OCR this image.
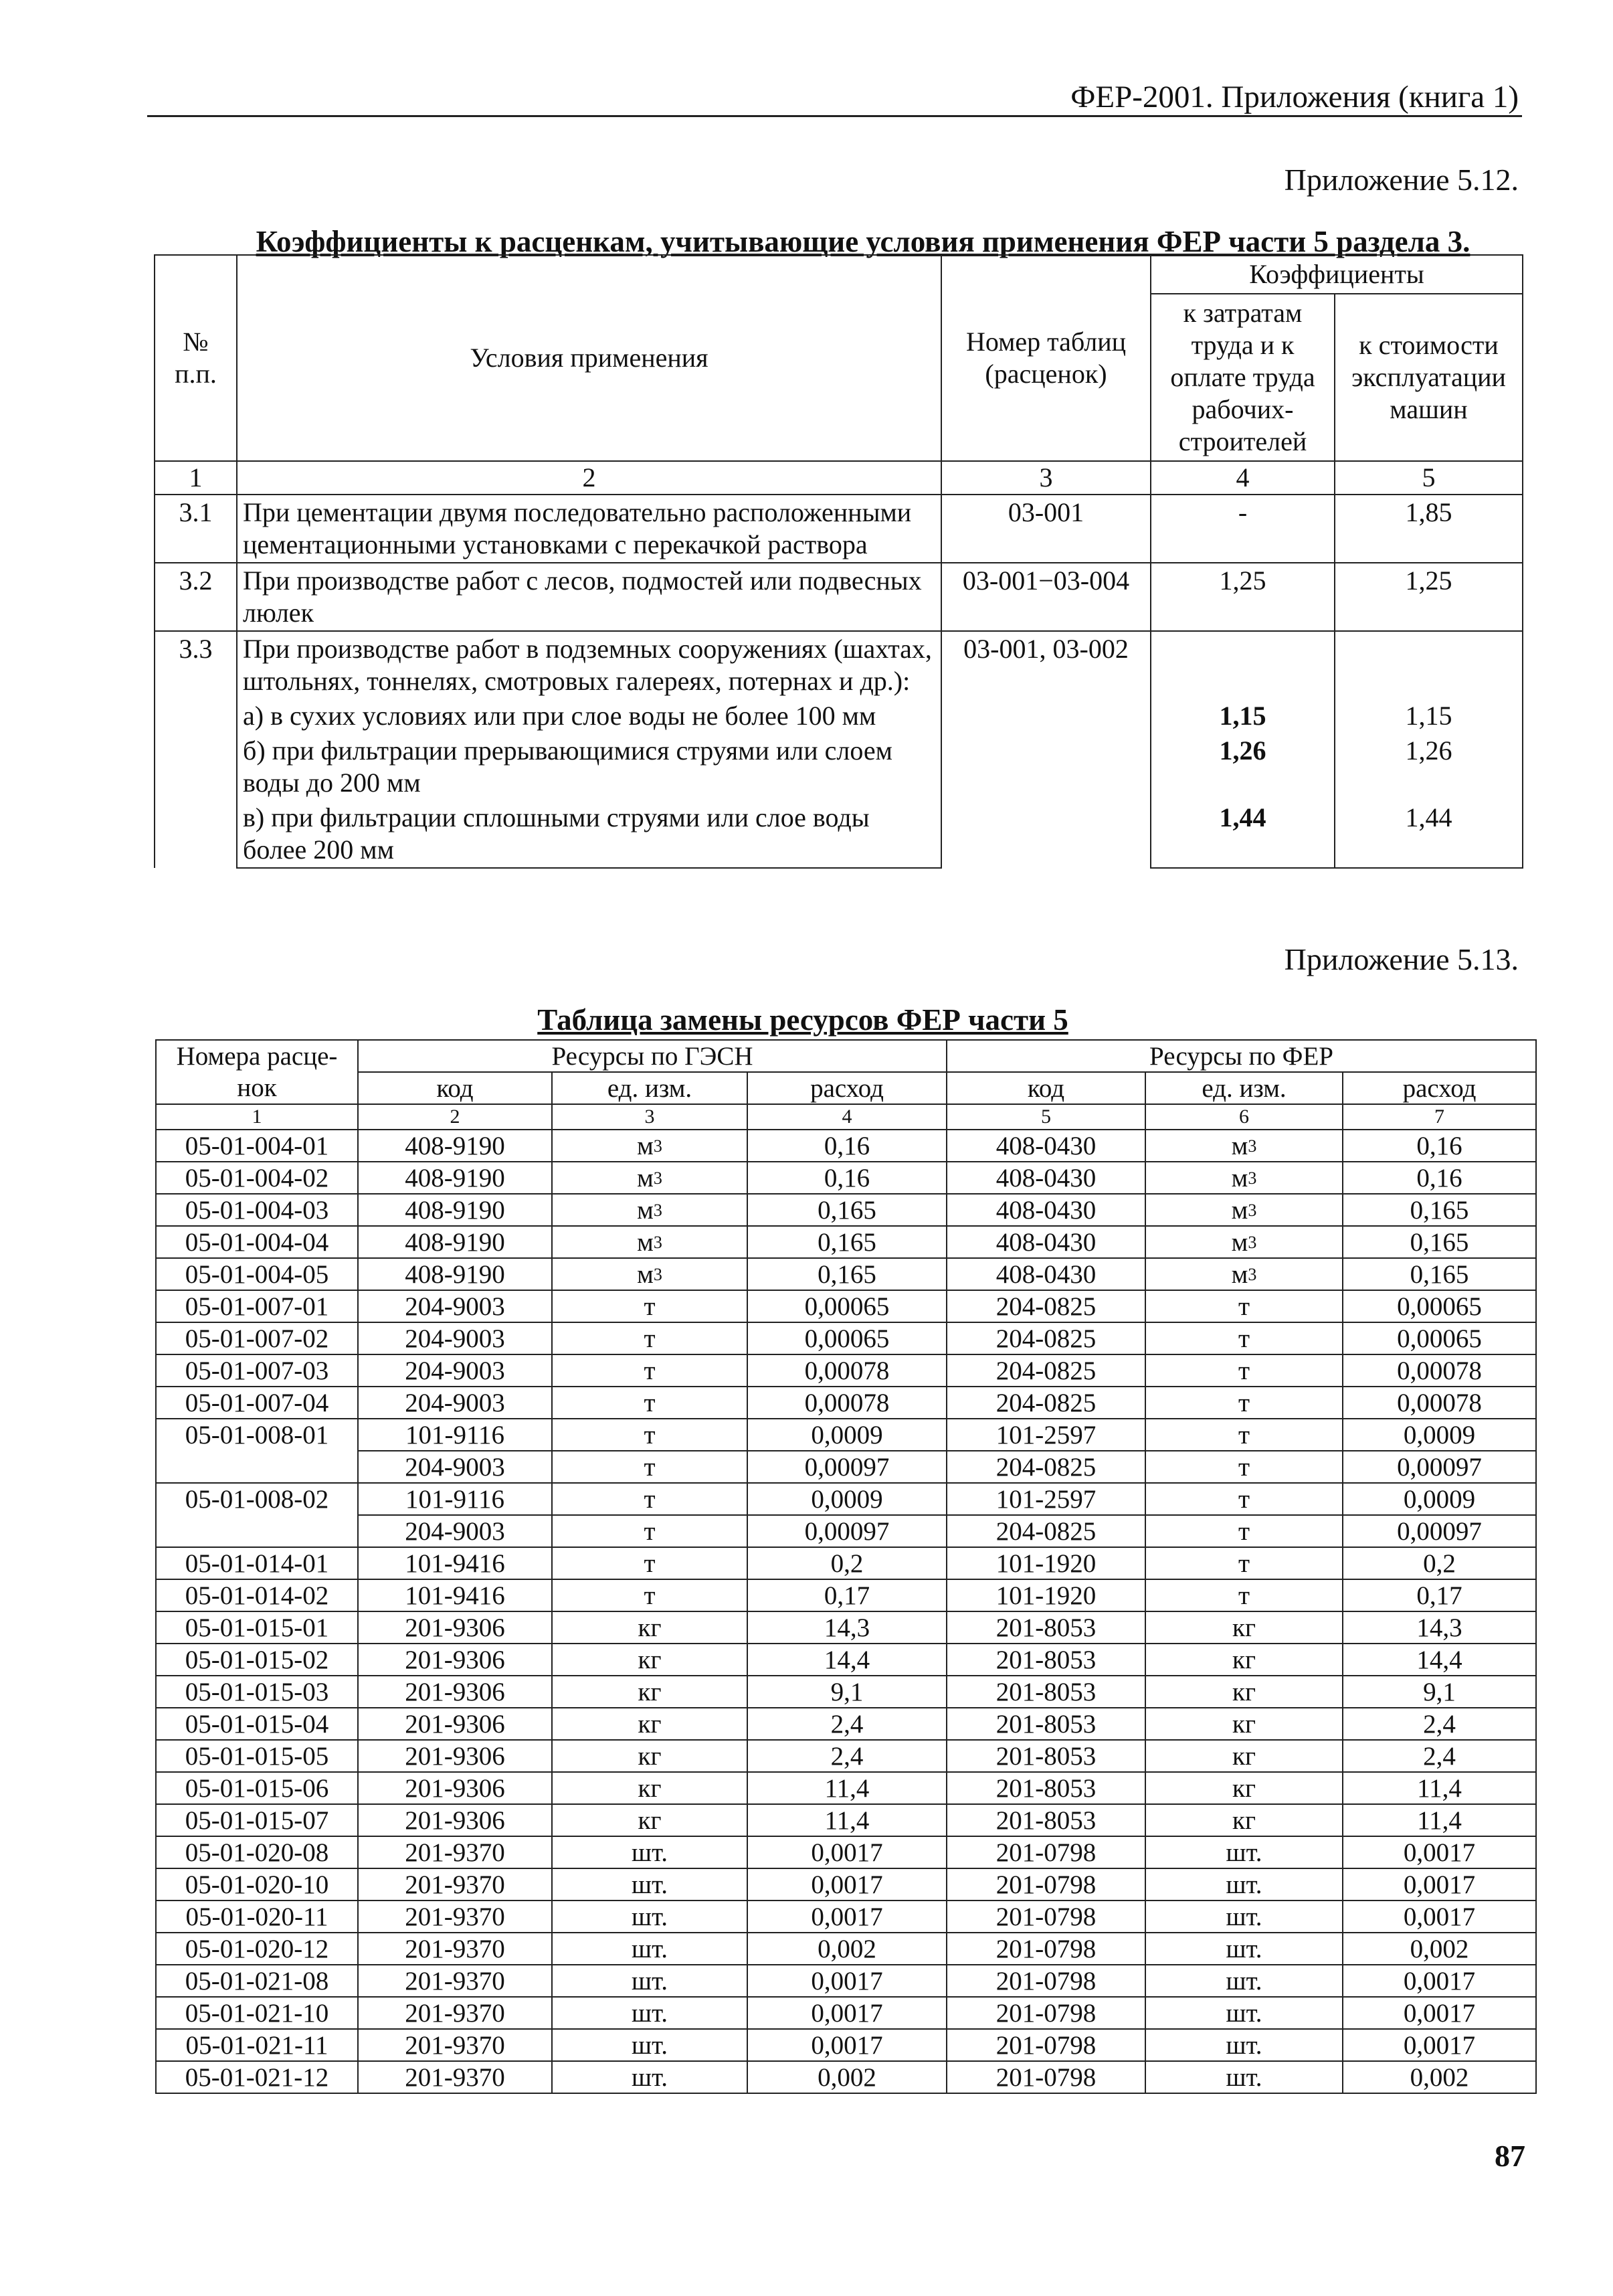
ФЕР-2001. Приложения (книга 1)
Приложение 5.12.
Коэффициенты к расценкам, учитывающие условия применения ФЕР части 5 раздела 3.
№ п.п.	Условия применения	Номер таблиц (расценок)	Коэффициенты	
			к затратам труда и к оплате труда рабочих-строителей	к стоимости эксплуатации машин
1	2	3	4	5
3.1	При цементации двумя последовательно расположенными цементационными установками с перекачкой раствора	03-001	-	1,85
3.2	При производстве работ с лесов, подмостей или подвесных люлек	03-001−03-004	1,25	1,25
3.3	При производстве работ в подземных сооружениях (шахтах, штольнях, тоннелях, смотровых галереях, потернах и др.):	03-001, 03-002		
	а) в сухих условиях или при слое воды не более 100 мм		1,15	1,15
	б) при фильтрации прерывающимися струями или слоем воды до 200 мм		1,26	1,26
	в) при фильтрации сплошными струями или слое воды более 200 мм		1,44	1,44
Приложение 5.13.
Таблица замены ресурсов ФЕР части 5
Номера расце-	Ресурсы по ГЭСН			Ресурсы по ФЕР		
нок	код	ед. изм.	расход	код	ед. изм.	расход
1	2	3	4	5	6	7
05-01-004-01	408-9190	$м^3$	0,16	408-0430	$м^3$	0,16
05-01-004-02	408-9190	$м^3$	0,16	408-0430	$м^3$	0,16
05-01-004-03	408-9190	$м^3$	0,165	408-0430	$м^3$	0,165
05-01-004-04	408-9190	$м^3$	0,165	408-0430	$м^3$	0,165
05-01-004-05	408-9190	$м^3$	0,165	408-0430	$м^3$	0,165
05-01-007-01	204-9003	т	0,00065	204-0825	т	0,00065
05-01-007-02	204-9003	т	0,00065	204-0825	т	0,00065
05-01-007-03	204-9003	т	0,00078	204-0825	т	0,00078
05-01-007-04	204-9003	т	0,00078	204-0825	т	0,00078
05-01-008-01	101-9116	т	0,0009	101-2597	т	0,0009
	204-9003	т	0,00097	204-0825	т	0,00097
05-01-008-02	101-9116	т	0,0009	101-2597	т	0,0009
	204-9003	т	0,00097	204-0825	т	0,00097
05-01-014-01	101-9416	т	0,2	101-1920	т	0,2
05-01-014-02	101-9416	т	0,17	101-1920	т	0,17
05-01-015-01	201-9306	кг	14,3	201-8053	кг	14,3
05-01-015-02	201-9306	кг	14,4	201-8053	кг	14,4
05-01-015-03	201-9306	кг	9,1	201-8053	кг	9,1
05-01-015-04	201-9306	кг	2,4	201-8053	кг	2,4
05-01-015-05	201-9306	кг	2,4	201-8053	кг	2,4
05-01-015-06	201-9306	кг	11,4	201-8053	кг	11,4
05-01-015-07	201-9306	кг	11,4	201-8053	кг	11,4
05-01-020-08	201-9370	шт.	0,0017	201-0798	шт.	0,0017
05-01-020-10	201-9370	шт.	0,0017	201-0798	шт.	0,0017
05-01-020-11	201-9370	шт.	0,0017	201-0798	шт.	0,0017
05-01-020-12	201-9370	шт.	0,002	201-0798	шт.	0,002
05-01-021-08	201-9370	шт.	0,0017	201-0798	шт.	0,0017
05-01-021-10	201-9370	шт.	0,0017	201-0798	шт.	0,0017
05-01-021-11	201-9370	шт.	0,0017	201-0798	шт.	0,0017
05-01-021-12	201-9370	шт.	0,002	201-0798	шт.	0,002
87
